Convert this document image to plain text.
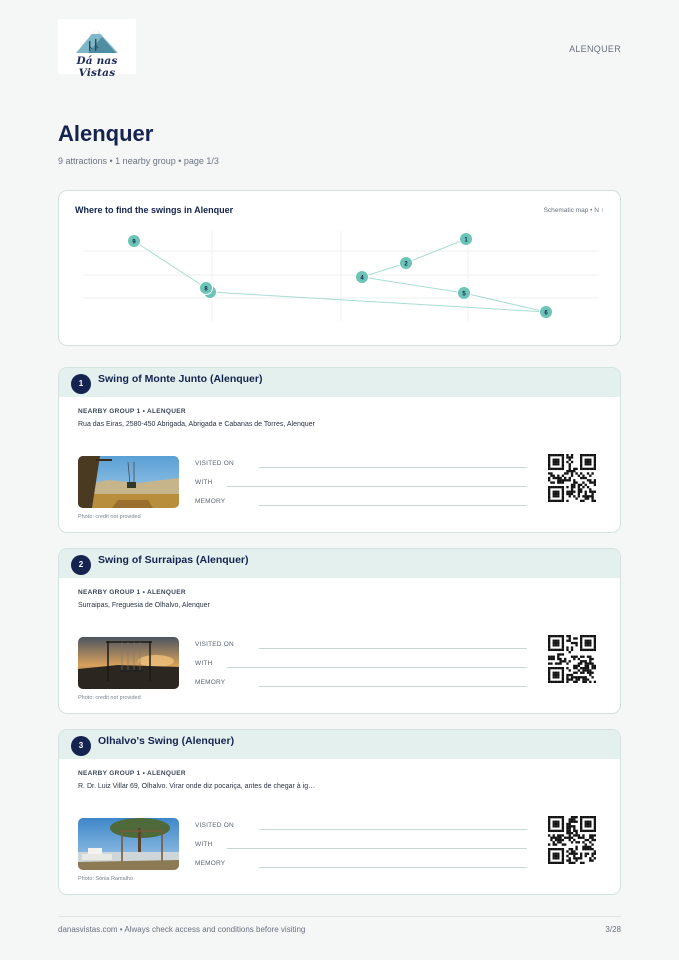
Dá nas Vistas
ALENQUER
Alenquer
9 attractions • 1 nearby group • page 1/3
Where to find the swings in Alenquer	Schematic map • N ↑
9
8
1
2
4
5
6
1	Swing of Monte Junto (Alenquer)
NEARBY GROUP 1 • ALENQUER
Rua das Eiras, 2580-450 Abrigada, Abrigada e Cabanas de Torres, Alenquer
Photo: credit not provided
VISITED ON
WITH
MEMORY
2	Swing of Surraipas (Alenquer)
NEARBY GROUP 1 • ALENQUER
Surraipas, Freguesia de Olhalvo, Alenquer
Photo: credit not provided
VISITED ON
WITH
MEMORY
3	Olhalvo's Swing (Alenquer)
NEARBY GROUP 1 • ALENQUER
R. Dr. Luiz Villar 69, Olhalvo. Virar onde diz pocariça, antes de chegar à ig…
Photo: Sónia Ramalho
VISITED ON
WITH
MEMORY
danasvistas.com • Always check access and conditions before visiting	3/28
